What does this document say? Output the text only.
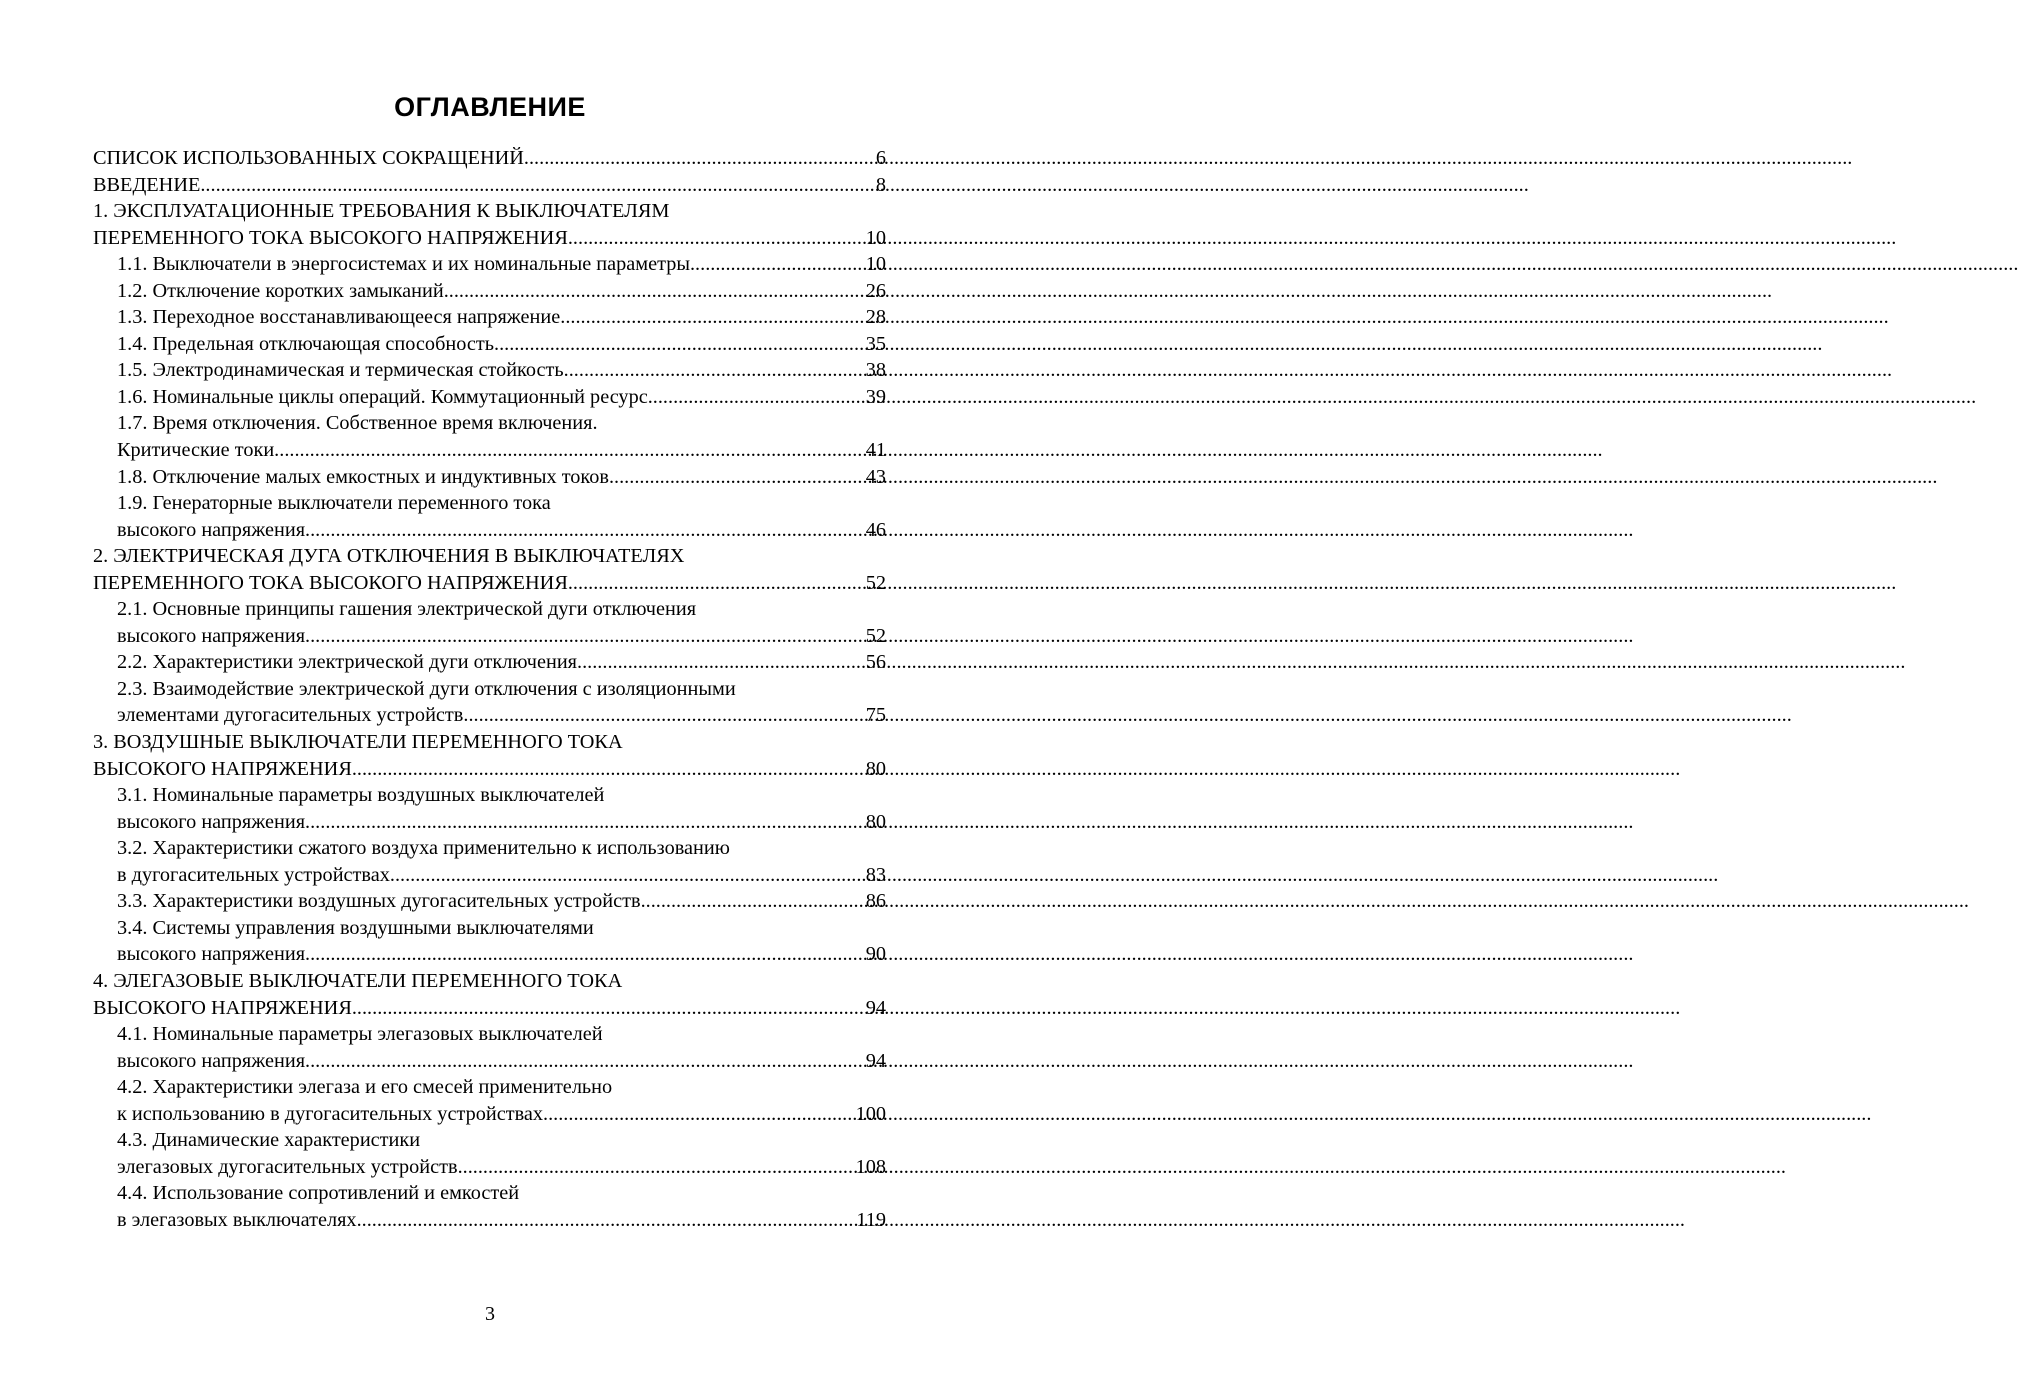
ОГЛАВЛЕНИЕ
СПИСОК ИСПОЛЬЗОВАННЫХ СОКРАЩЕНИЙ .....	6
ВВЕДЕНИЕ .....	8
1. ЭКСПЛУАТАЦИОННЫЕ ТРЕБОВАНИЯ К ВЫКЛЮЧАТЕЛЯМ
ПЕРЕМЕННОГО ТОКА ВЫСОКОГО НАПРЯЖЕНИЯ .....	10
1.1. Выключатели в энергосистемах и их номинальные параметры .....	10
1.2. Отключение коротких замыканий .....	26
1.3. Переходное восстанавливающееся напряжение .....	28
1.4. Предельная отключающая способность .....	35
1.5. Электродинамическая и термическая стойкость .....	38
1.6. Номинальные циклы операций. Коммутационный ресурс .....	39
1.7. Время отключения. Собственное время включения.
Критические токи .....	41
1.8. Отключение малых емкостных и индуктивных токов .....	43
1.9. Генераторные выключатели переменного тока
высокого напряжения .....	46
2. ЭЛЕКТРИЧЕСКАЯ ДУГА ОТКЛЮЧЕНИЯ В ВЫКЛЮЧАТЕЛЯХ
ПЕРЕМЕННОГО ТОКА ВЫСОКОГО НАПРЯЖЕНИЯ .....	52
2.1. Основные принципы гашения электрической дуги отключения
высокого напряжения .....	52
2.2. Характеристики электрической дуги отключения .....	56
2.3. Взаимодействие электрической дуги отключения с изоляционными
элементами дугогасительных устройств .....	75
3. ВОЗДУШНЫЕ ВЫКЛЮЧАТЕЛИ ПЕРЕМЕННОГО ТОКА
ВЫСОКОГО НАПРЯЖЕНИЯ .....	80
3.1. Номинальные параметры воздушных выключателей
высокого напряжения .....	80
3.2. Характеристики сжатого воздуха применительно к использованию
в дугогасительных устройствах .....	83
3.3. Характеристики воздушных дугогасительных устройств .....	86
3.4. Системы управления воздушными выключателями
высокого напряжения .....	90
4. ЭЛЕГАЗОВЫЕ ВЫКЛЮЧАТЕЛИ ПЕРЕМЕННОГО ТОКА
ВЫСОКОГО НАПРЯЖЕНИЯ .....	94
4.1. Номинальные параметры элегазовых выключателей
высокого напряжения .....	94
4.2. Характеристики элегаза и его смесей применительно
к использованию в дугогасительных устройствах .....	100
4.3. Динамические характеристики
элегазовых дугогасительных устройств .....	108
4.4. Использование сопротивлений и емкостей
в элегазовых выключателях .....	119
3
